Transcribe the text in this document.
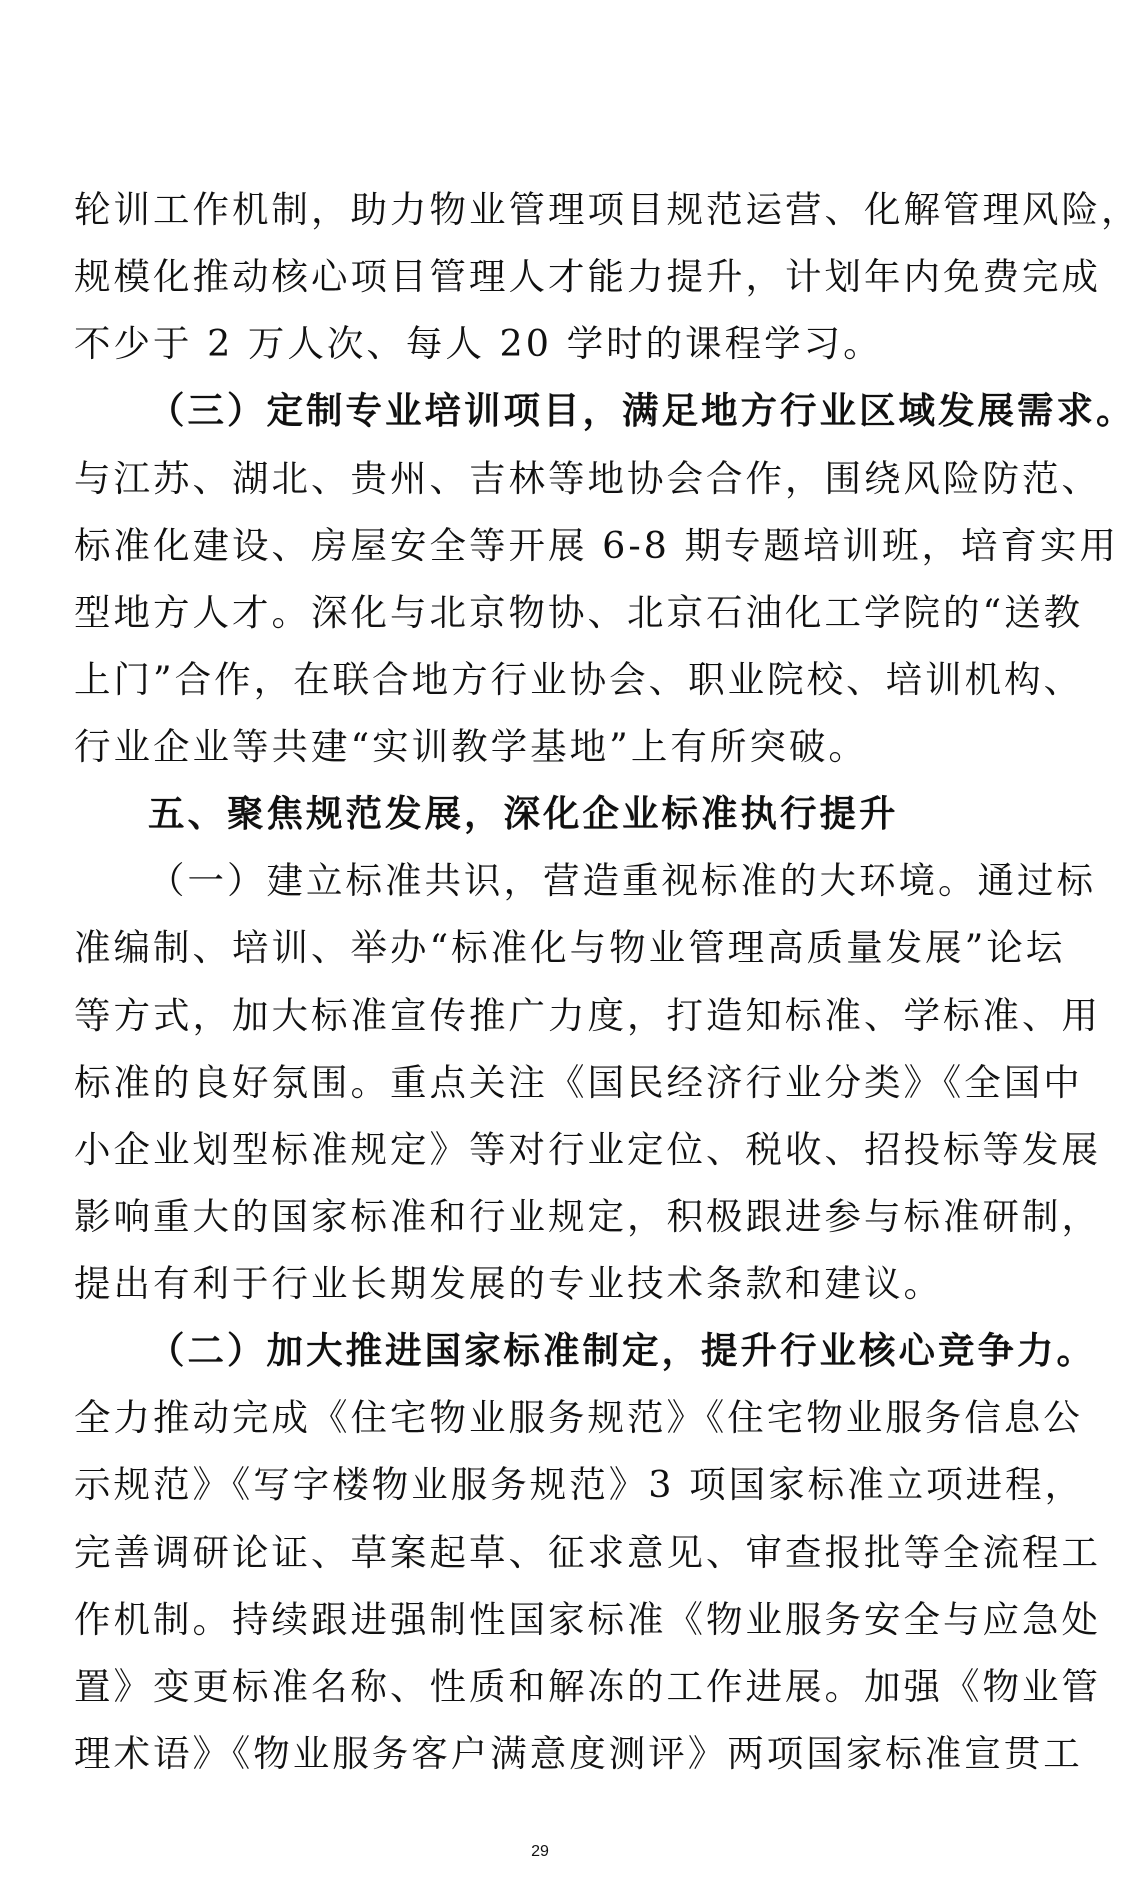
轮训工作机制，助力物业管理项目规范运营、化解管理风险，
规模化推动核心项目管理人才能力提升，计划年内免费完成
不少于 2 万人次、每人 20 学时的课程学习。
（三）定制专业培训项目，满足地方行业区域发展需求。
与江苏、湖北、贵州、吉林等地协会合作，围绕风险防范、
标准化建设、房屋安全等开展 6-8 期专题培训班，培育实用
型地方人才。深化与北京物协、北京石油化工学院的“送教
上门”合作，在联合地方行业协会、职业院校、培训机构、
行业企业等共建“实训教学基地”上有所突破。
五、聚焦规范发展，深化企业标准执行提升
（一）建立标准共识，营造重视标准的大环境。通过标
准编制、培训、举办“标准化与物业管理高质量发展”论坛
等方式，加大标准宣传推广力度，打造知标准、学标准、用
标准的良好氛围。重点关注《国民经济行业分类》《全国中
小企业划型标准规定》等对行业定位、税收、招投标等发展
影响重大的国家标准和行业规定，积极跟进参与标准研制，
提出有利于行业长期发展的专业技术条款和建议。
（二）加大推进国家标准制定，提升行业核心竞争力。
全力推动完成《住宅物业服务规范》《住宅物业服务信息公
示规范》《写字楼物业服务规范》3 项国家标准立项进程，
完善调研论证、草案起草、征求意见、审查报批等全流程工
作机制。持续跟进强制性国家标准《物业服务安全与应急处
置》变更标准名称、性质和解冻的工作进展。加强《物业管
理术语》《物业服务客户满意度测评》两项国家标准宣贯工
29
